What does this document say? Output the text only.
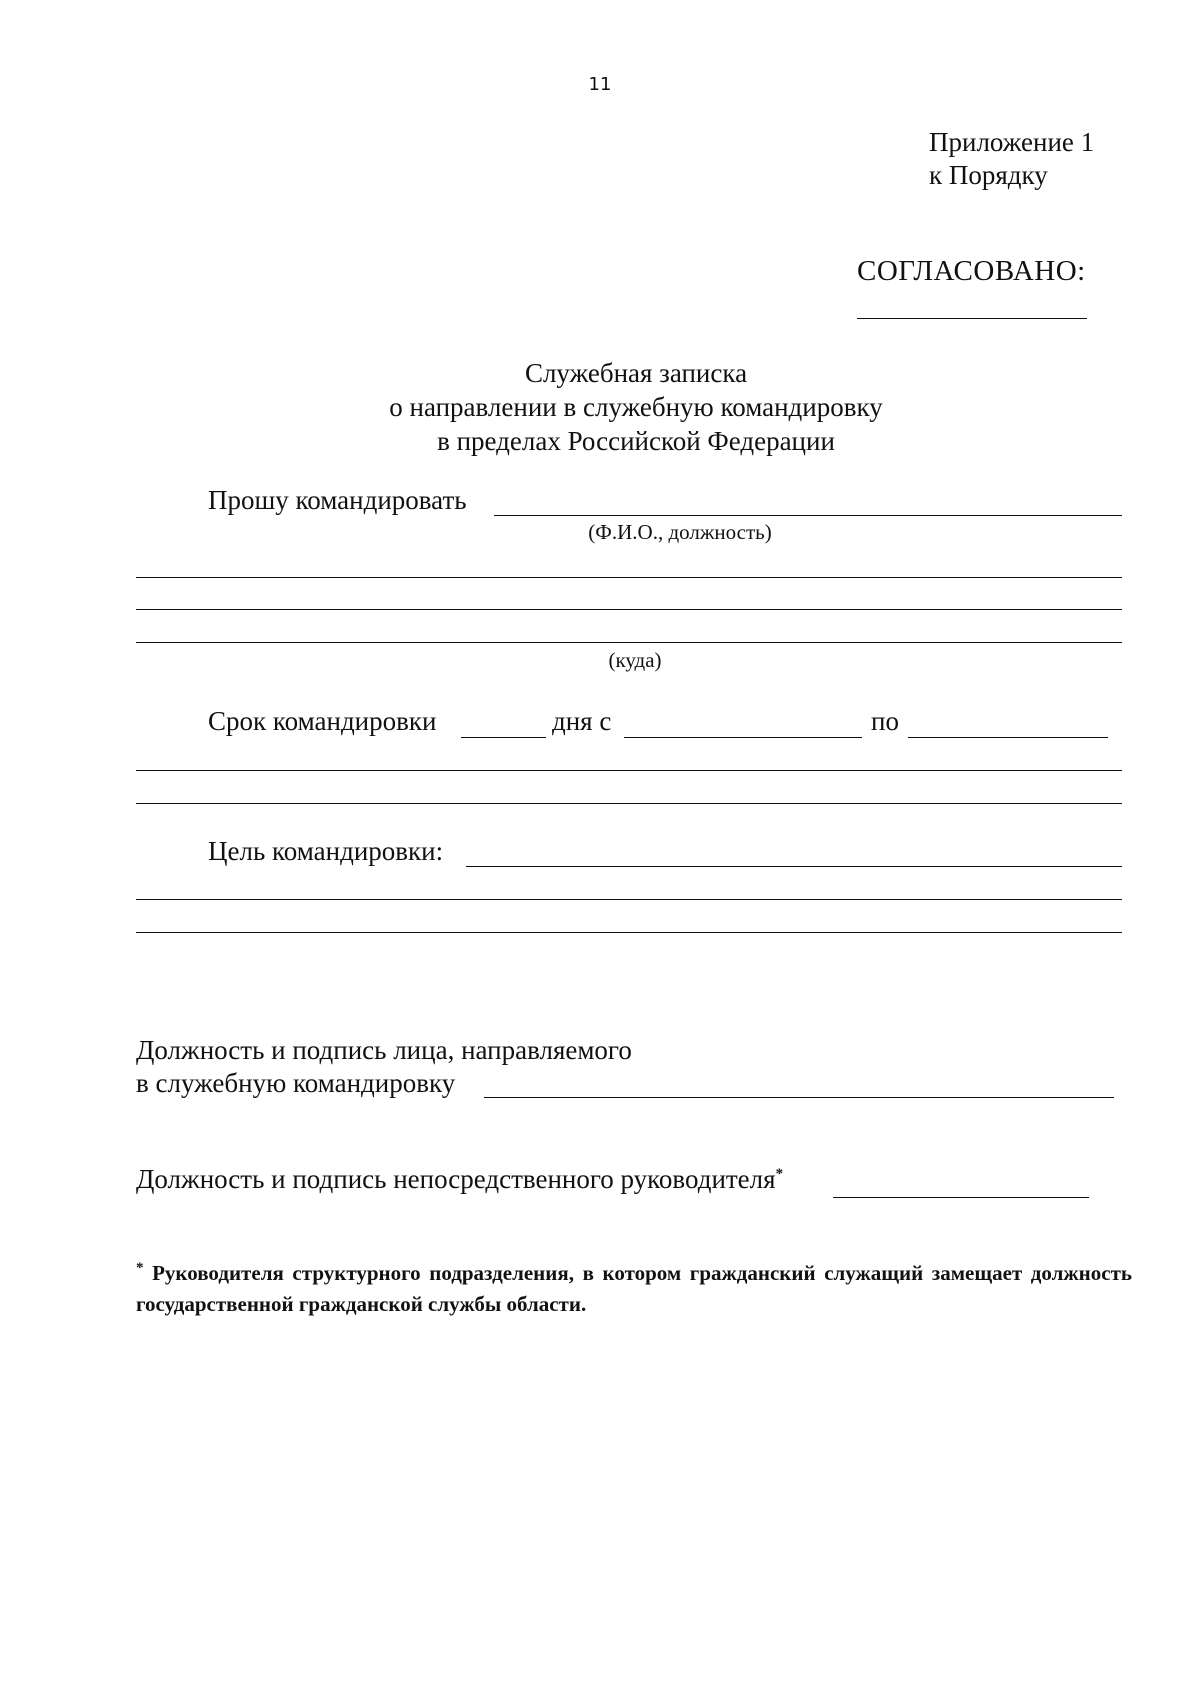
11
Приложение 1
к Порядку
СОГЛАСОВАНО:
Служебная записка
о направлении в служебную командировку
в пределах Российской Федерации
Прошу командировать
(Ф.И.О., должность)
(куда)
Срок командировки	дня с	по
Цель командировки:
Должность и подпись лица, направляемого
в служебную командировку
Должность и подпись непосредственного руководителя*
* Руководителя структурного подразделения, в котором гражданский служащий замещает должность государственной гражданской службы области.
